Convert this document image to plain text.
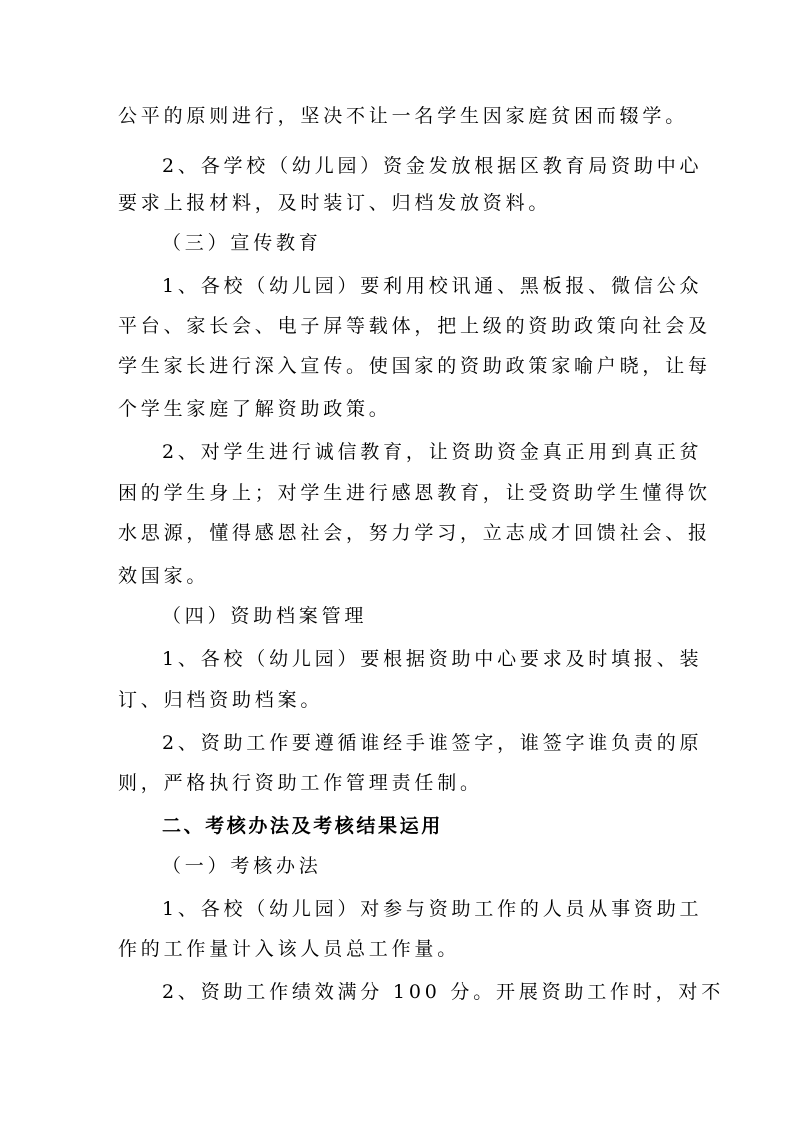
公平的原则进行，坚决不让一名学生因家庭贫困而辍学。
2、各学校（幼儿园）资金发放根据区教育局资助中心
要求上报材料，及时装订、归档发放资料。
（三）宣传教育
1、各校（幼儿园）要利用校讯通、黑板报、微信公众
平台、家长会、电子屏等载体，把上级的资助政策向社会及
学生家长进行深入宣传。使国家的资助政策家喻户晓，让每
个学生家庭了解资助政策。
2、对学生进行诚信教育，让资助资金真正用到真正贫
困的学生身上；对学生进行感恩教育，让受资助学生懂得饮
水思源，懂得感恩社会，努力学习，立志成才回馈社会、报
效国家。
（四）资助档案管理
1、各校（幼儿园）要根据资助中心要求及时填报、装
订、归档资助档案。
2、资助工作要遵循谁经手谁签字，谁签字谁负责的原
则，严格执行资助工作管理责任制。
二、考核办法及考核结果运用
（一）考核办法
1、各校（幼儿园）对参与资助工作的人员从事资助工
作的工作量计入该人员总工作量。
2、资助工作绩效满分 100 分。开展资助工作时，对不
